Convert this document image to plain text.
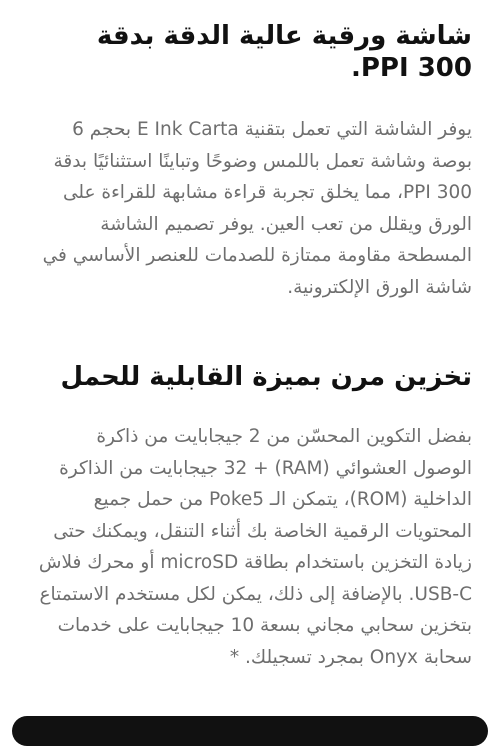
شاشة ورقية عالية الدقة بدقة 300 PPI.

يوفر الشاشة التي تعمل بتقنية E Ink Carta بحجم 6 بوصة وشاشة تعمل باللمس وضوحًا وتباينًا استثنائيًا بدقة 300 PPI، مما يخلق تجربة قراءة مشابهة للقراءة على الورق ويقلل من تعب العين. يوفر تصميم الشاشة المسطحة مقاومة ممتازة للصدمات للعنصر الأساسي في شاشة الورق الإلكترونية.

تخزين مرن بميزة القابلية للحمل

بفضل التكوين المحسّن من 2 جيجابايت من ذاكرة الوصول العشوائي (RAM) + 32 جيجابايت من الذاكرة الداخلية (ROM)، يتمكن الـ Poke5 من حمل جميع المحتويات الرقمية الخاصة بك أثناء التنقل، ويمكنك حتى زيادة التخزين باستخدام بطاقة microSD أو محرك فلاش USB-C. بالإضافة إلى ذلك، يمكن لكل مستخدم الاستمتاع بتخزين سحابي مجاني بسعة 10 جيجابايت على خدمات سحابة Onyx بمجرد تسجيلك. *
